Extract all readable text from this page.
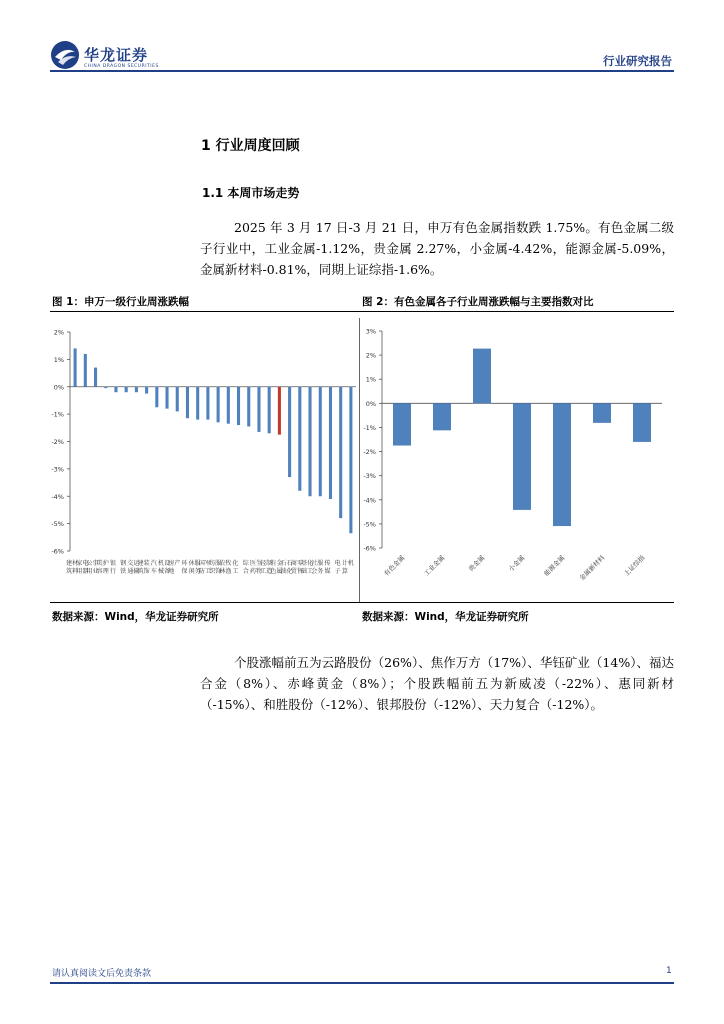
华龙证券
CHINA DRAGON SECURITIES	行业研究报告
1 行业周度回顾
1.1 本周市场走势
2025 年 3 月 17 日-3 月 21 日，申万有色金属指数跌 1.75%。有色金属二级子行业中，工业金属-1.12%，贵金属 2.27%，小金属-4.42%，能源金属-5.09%，金属新材料-0.81%，同期上证综指-1.6%。
图 1：申万一级行业周涨跌幅	图 2：有色金属各子行业周涨跌幅与主要指数对比
2%
1%
0%
-1%
-2%
-3%
-4%
-5%
-6%
建
筑
材
料
家
用
电
器
公
用
事
业
美
容
护
理
银
行
钢
铁
交
通
运
输
建
筑
装
饰
汽
车
机
械
设
备
房
地
产 环
保
休
闲
服
务
国
防
军
工
纺
织
服
饰
农
林
牧
渔
化
工
综
合
医
药
生
物
轻
工
制
造
有
色
金
属
石
油
石
化
商
贸
零
售
基
础
化
工
社
会
服
务
传
媒
电
子
计
算
机
3%
2%
1%
0%
-1%
-2%
-3%
-4%
-5%
-6%
有色金属 工业金属	贵金属	小金属 能源金属 金属新材料 上证综指
数据来源：Wind，华龙证券研究所	数据来源：Wind，华龙证券研究所
个股涨幅前五为云路股份（26%）、焦作万方（17%）、华钰矿业（14%）、福达合金（8%）、赤峰黄金（8%）；个股跌幅前五为新威凌（-22%）、惠同新材（-15%）、和胜股份（-12%）、银邦股份（-12%）、天力复合（-12%）。
请认真阅读文后免责条款	1
